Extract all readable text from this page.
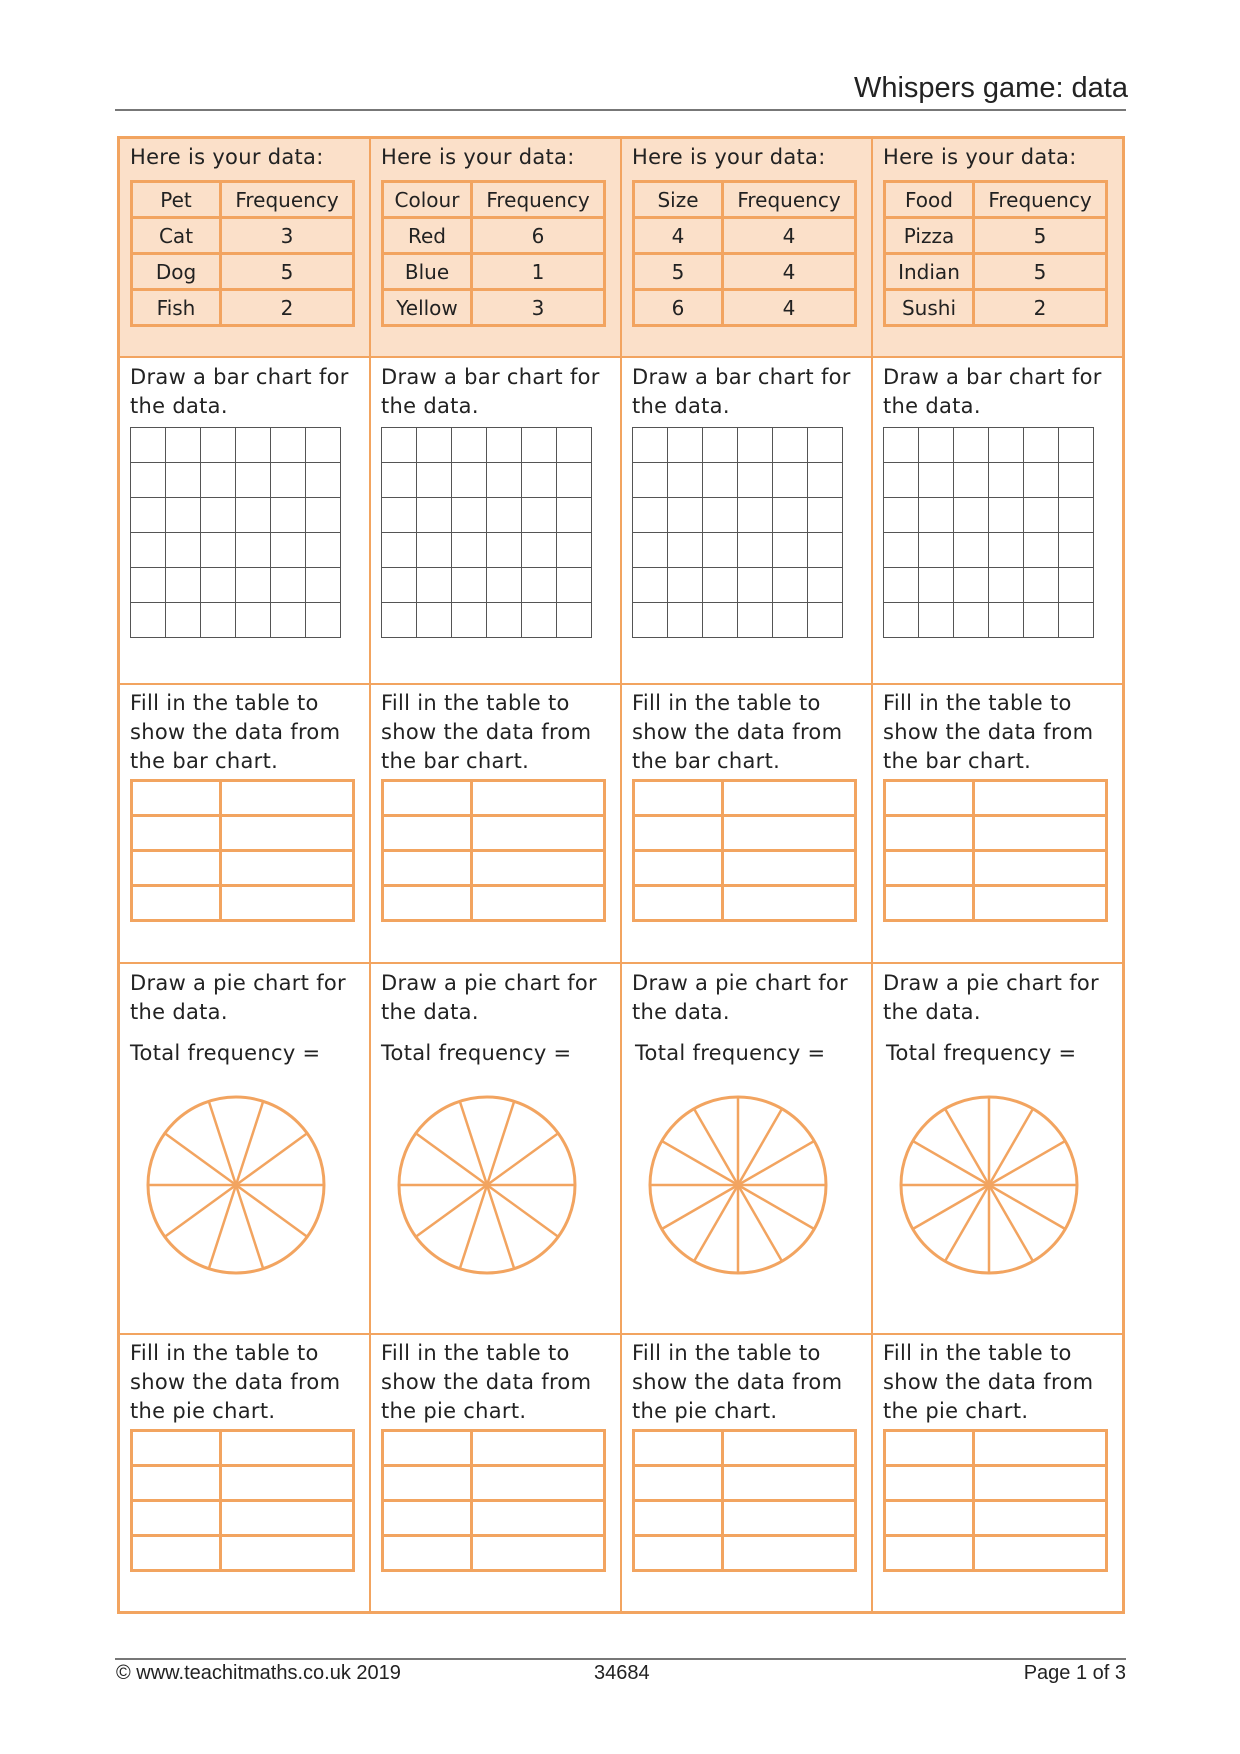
Whispers game: data
Here is your data:
Pet	Frequency
Cat	3
Dog	5
Fish	2
Draw a bar chart for
the data.

Fill in the table to
show the data from
the bar chart.

Draw a pie chart for
the data.
Total frequency =
Fill in the table to
show the data from
the pie chart.

Here is your data:
Colour	Frequency
Red	6
Blue	1
Yellow	3
Draw a bar chart for
the data.

Fill in the table to
show the data from
the bar chart.

Draw a pie chart for
the data.
Total frequency =
Fill in the table to
show the data from
the pie chart.

Here is your data:
Size	Frequency
4	4
5	4
6	4
Draw a bar chart for
the data.

Fill in the table to
show the data from
the bar chart.

Draw a pie chart for
the data.
Total frequency =
Fill in the table to
show the data from
the pie chart.

Here is your data:
Food	Frequency
Pizza	5
Indian	5
Sushi	2
Draw a bar chart for
the data.

Fill in the table to
show the data from
the bar chart.

Draw a pie chart for
the data.
Total frequency =
Fill in the table to
show the data from
the pie chart.

© www.teachitmaths.co.uk 2019	34684	Page 1 of 3
